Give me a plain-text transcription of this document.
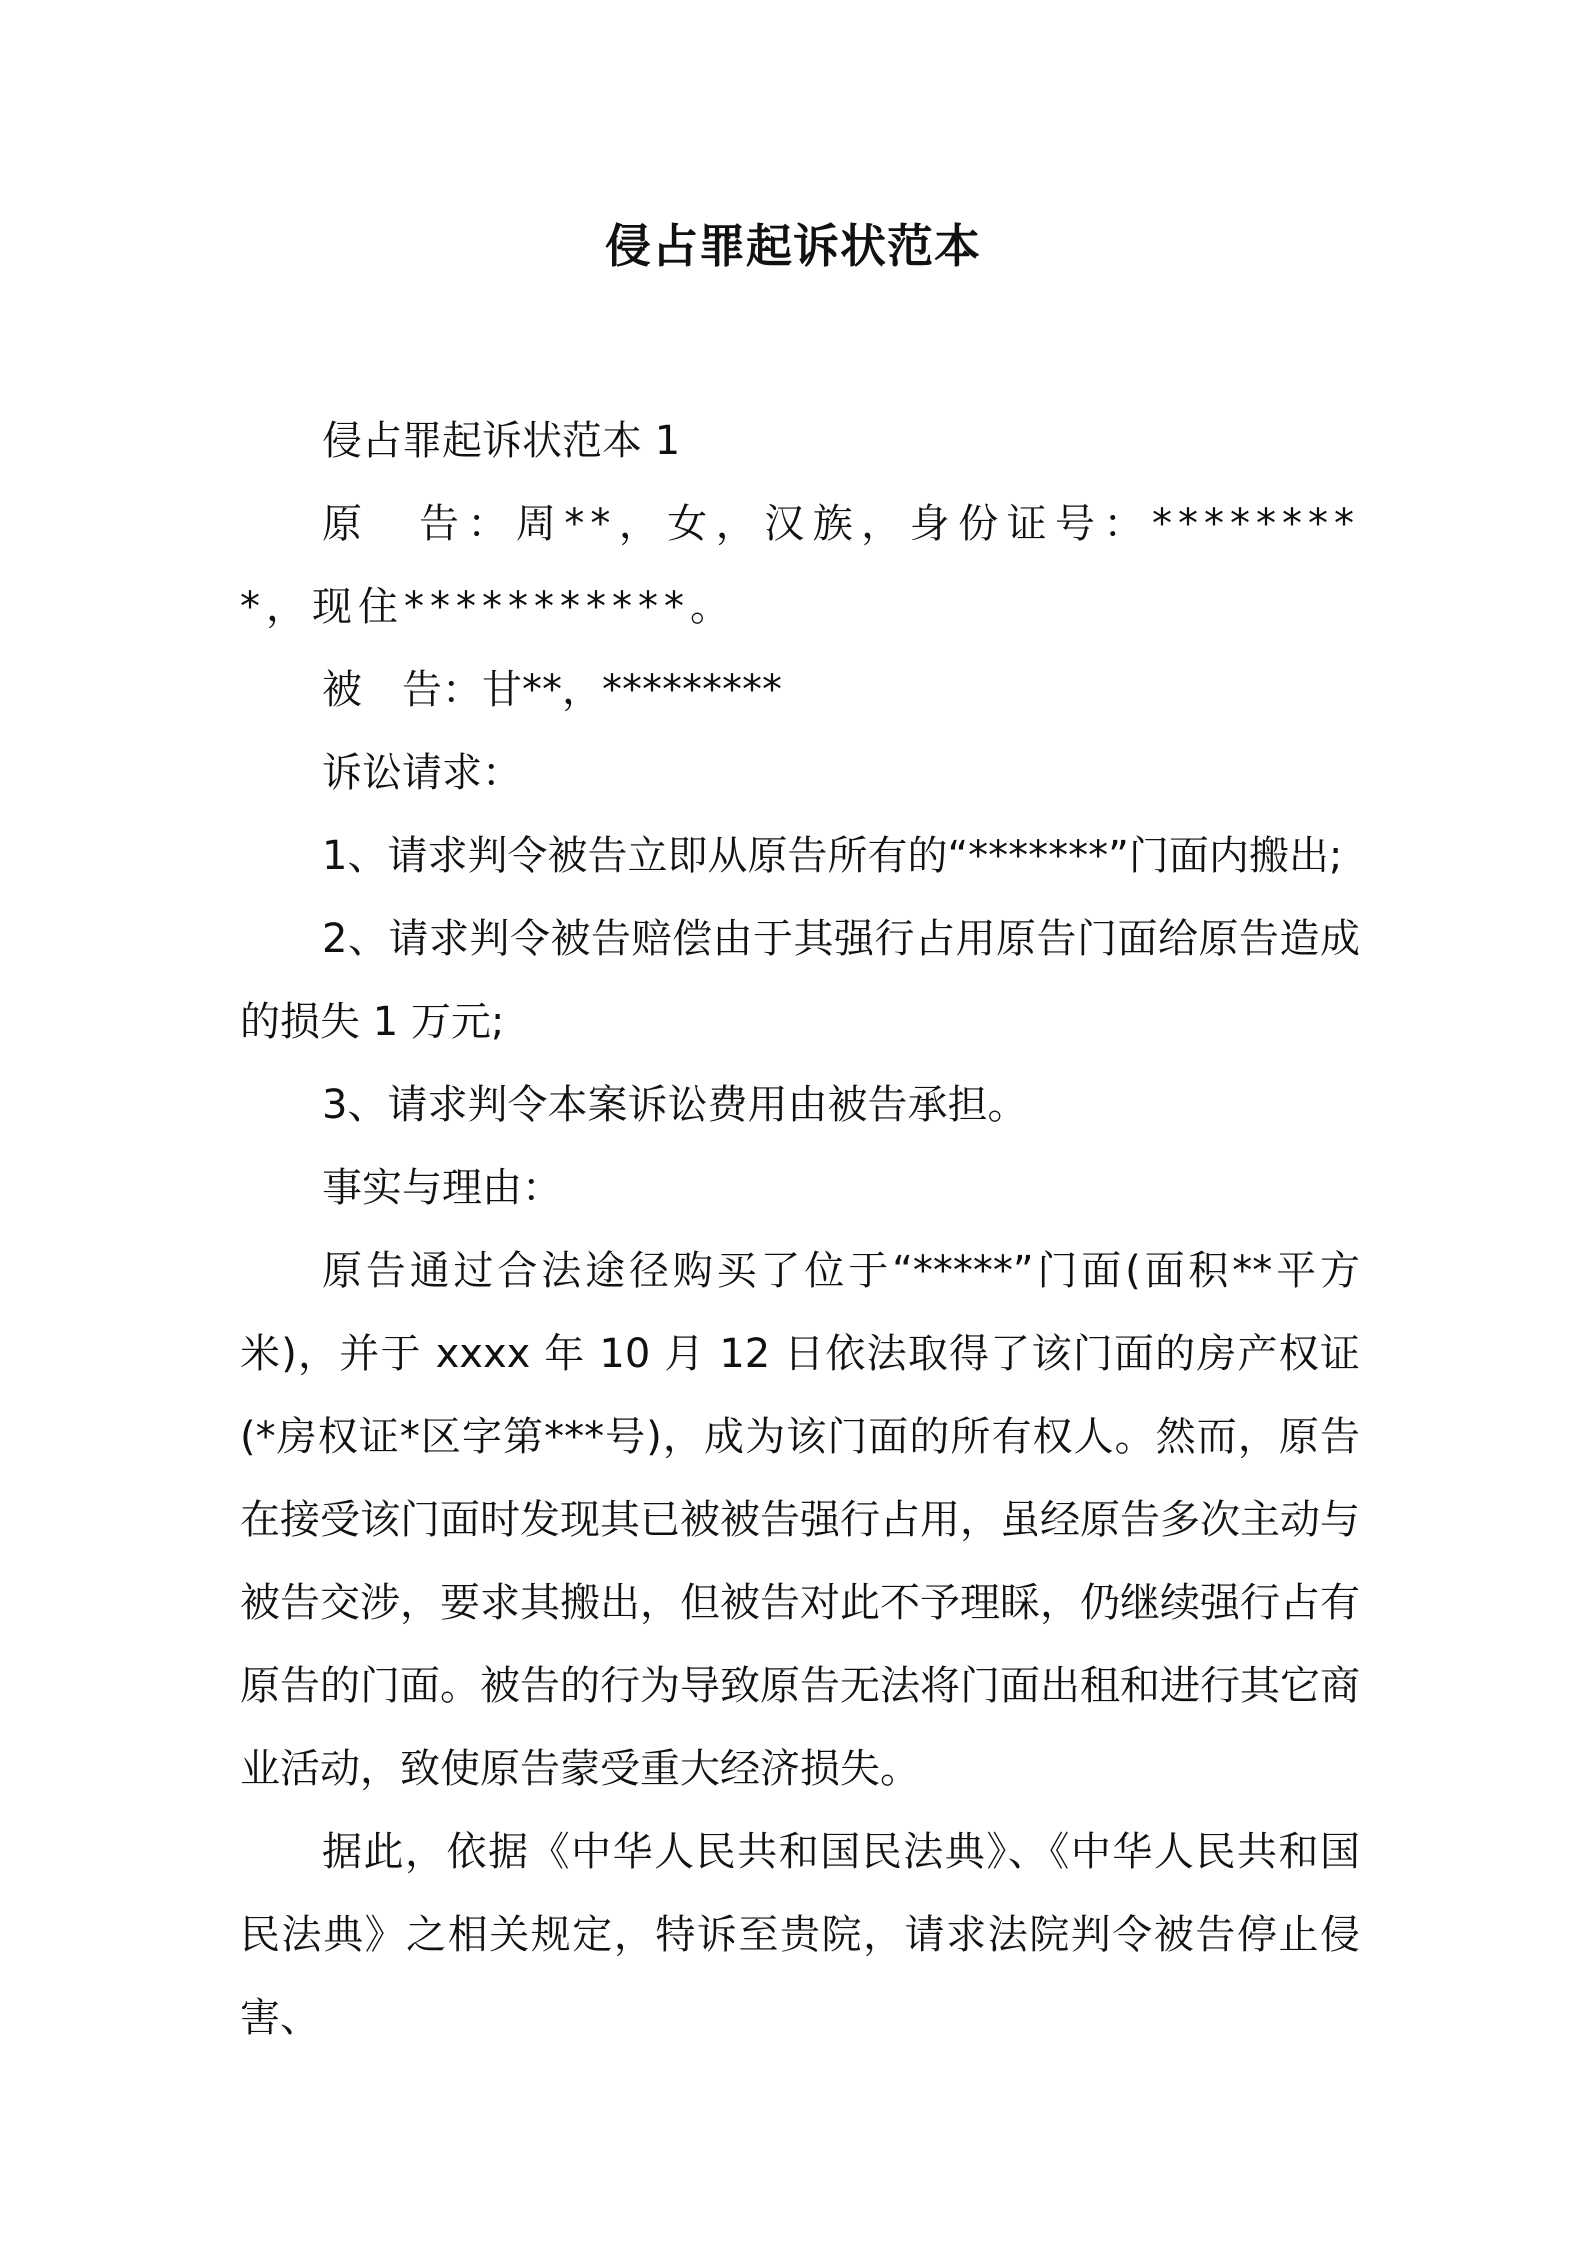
侵占罪起诉状范本

侵占罪起诉状范本 1

原　告：周**，女，汉族，身份证号：*********，现住***********。

被　告：甘**，*********

诉讼请求：

1、请求判令被告立即从原告所有的“*******”门面内搬出;

2、请求判令被告赔偿由于其强行占用原告门面给原告造成的损失 1 万元;

3、请求判令本案诉讼费用由被告承担。

事实与理由：

原告通过合法途径购买了位于“*****”门面(面积**平方米)，并于 xxxx 年 10 月 12 日依法取得了该门面的房产权证(*房权证*区字第***号)，成为该门面的所有权人。然而，原告在接受该门面时发现其已被被告强行占用，虽经原告多次主动与被告交涉，要求其搬出，但被告对此不予理睬，仍继续强行占有原告的门面。被告的行为导致原告无法将门面出租和进行其它商业活动，致使原告蒙受重大经济损失。

据此，依据《中华人民共和国民法典》、《中华人民共和国民法典》之相关规定，特诉至贵院，请求法院判令被告停止侵害、
